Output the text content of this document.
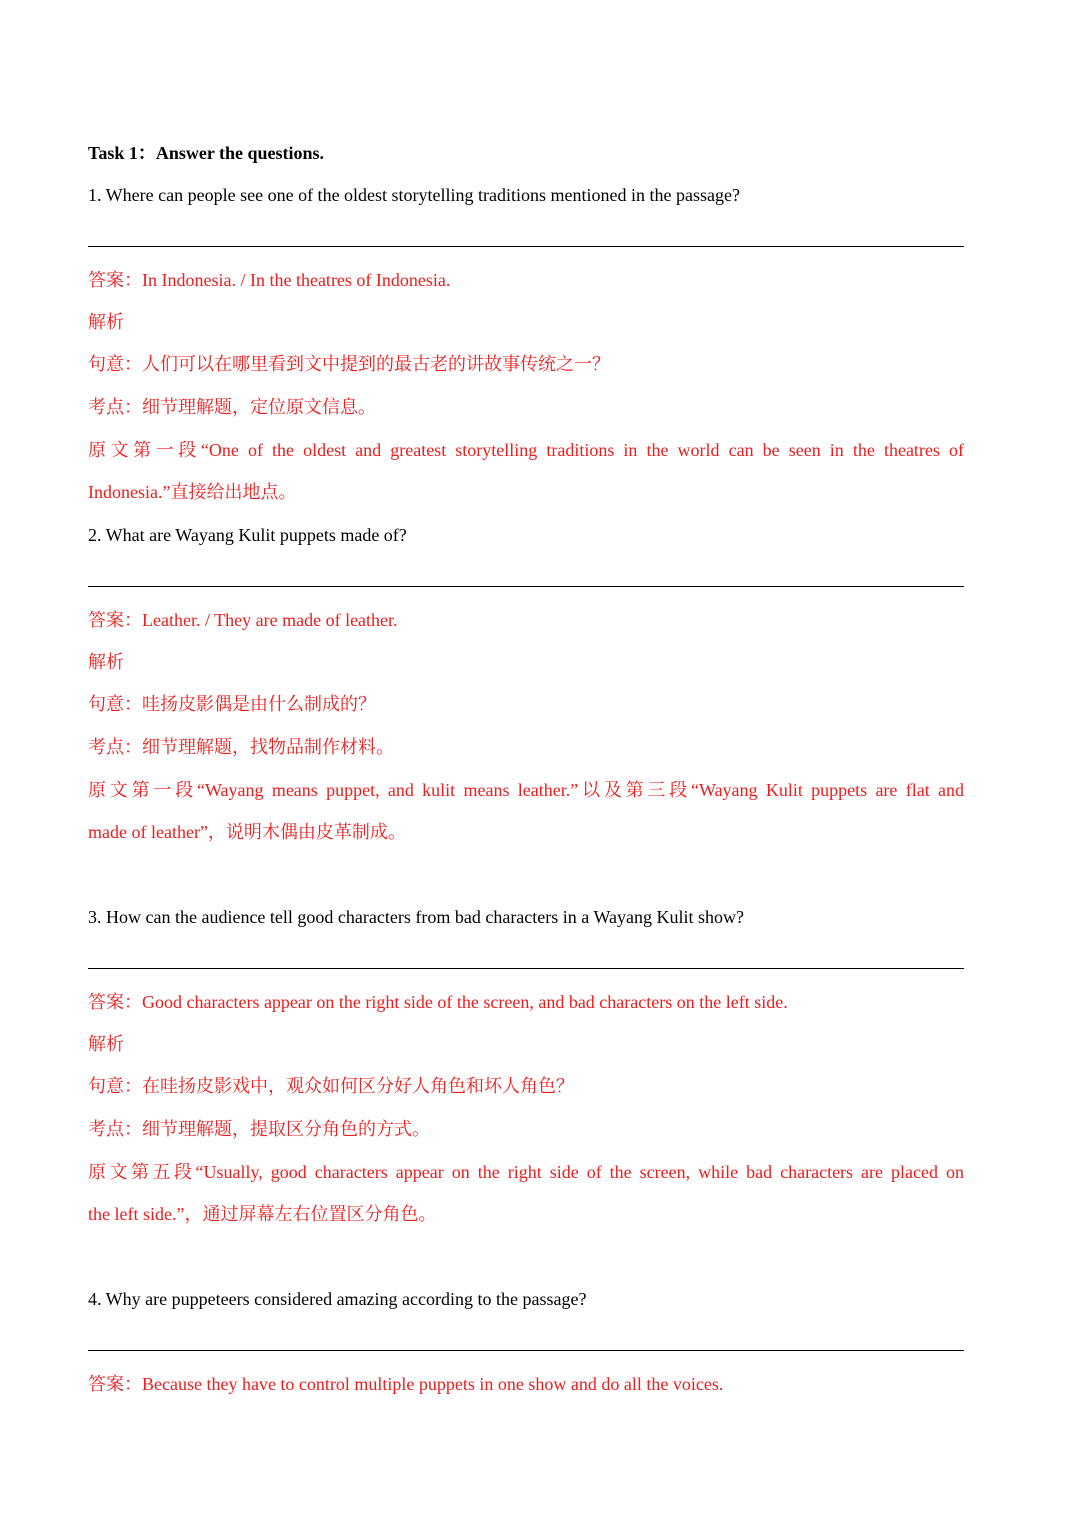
Task 1：Answer the questions.
1. Where can people see one of the oldest storytelling traditions mentioned in the passage?
答案：In Indonesia. / In the theatres of Indonesia.
解析
句意：人们可以在哪里看到文中提到的最古老的讲故事传统之一？
考点：细节理解题，定位原文信息。
原文第一段“One of the oldest and greatest storytelling traditions in the world can be seen in the theatres of
Indonesia.”直接给出地点。
2. What are Wayang Kulit puppets made of?
答案：Leather. / They are made of leather.
解析
句意：哇扬皮影偶是由什么制成的？
考点：细节理解题，找物品制作材料。
原文第一段“Wayang means puppet, and kulit means leather.”以及第三段“Wayang Kulit puppets are flat and
made of leather”，说明木偶由皮革制成。
3. How can the audience tell good characters from bad characters in a Wayang Kulit show?
答案：Good characters appear on the right side of the screen, and bad characters on the left side.
解析
句意：在哇扬皮影戏中，观众如何区分好人角色和坏人角色？
考点：细节理解题，提取区分角色的方式。
原文第五段“Usually, good characters appear on the right side of the screen, while bad characters are placed on
the left side.”，通过屏幕左右位置区分角色。
4. Why are puppeteers considered amazing according to the passage?
答案：Because they have to control multiple puppets in one show and do all the voices.
